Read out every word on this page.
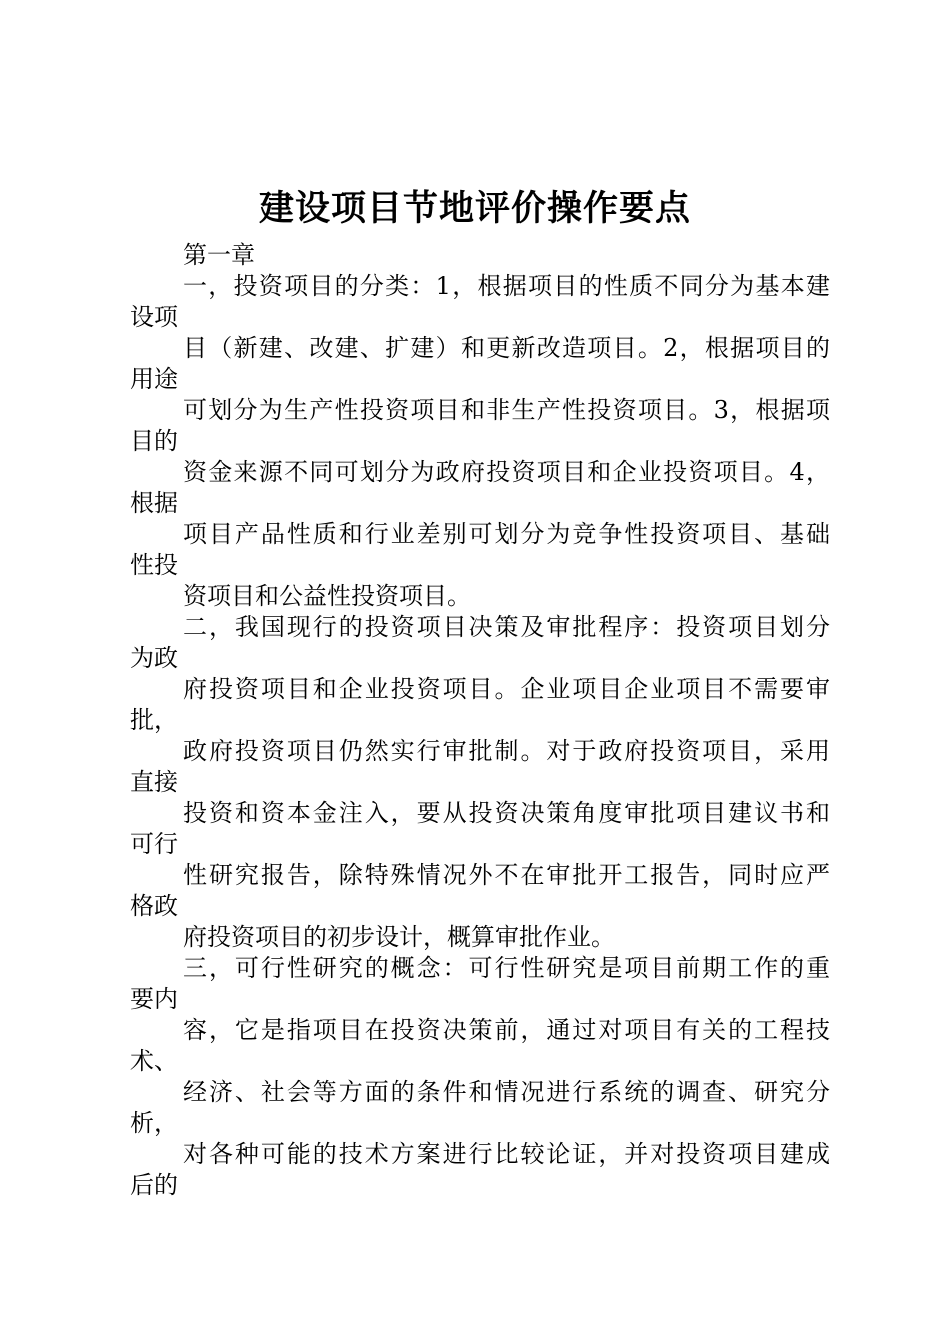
建设项目节地评价操作要点
第一章
一，投资项目的分类：1，根据项目的性质不同分为基本建
设项
目（新建、改建、扩建）和更新改造项目。2，根据项目的
用途
可划分为生产性投资项目和非生产性投资项目。3，根据项
目的
资金来源不同可划分为政府投资项目和企业投资项目。4，
根据
项目产品性质和行业差别可划分为竞争性投资项目、基础
性投
资项目和公益性投资项目。
二，我国现行的投资项目决策及审批程序：投资项目划分
为政
府投资项目和企业投资项目。企业项目企业项目不需要审
批，
政府投资项目仍然实行审批制。对于政府投资项目，采用
直接
投资和资本金注入，要从投资决策角度审批项目建议书和
可行
性研究报告，除特殊情况外不在审批开工报告，同时应严
格政
府投资项目的初步设计，概算审批作业。
三，可行性研究的概念：可行性研究是项目前期工作的重
要内
容，它是指项目在投资决策前，通过对项目有关的工程技
术、
经济、社会等方面的条件和情况进行系统的调查、研究分
析，
对各种可能的技术方案进行比较论证，并对投资项目建成
后的
